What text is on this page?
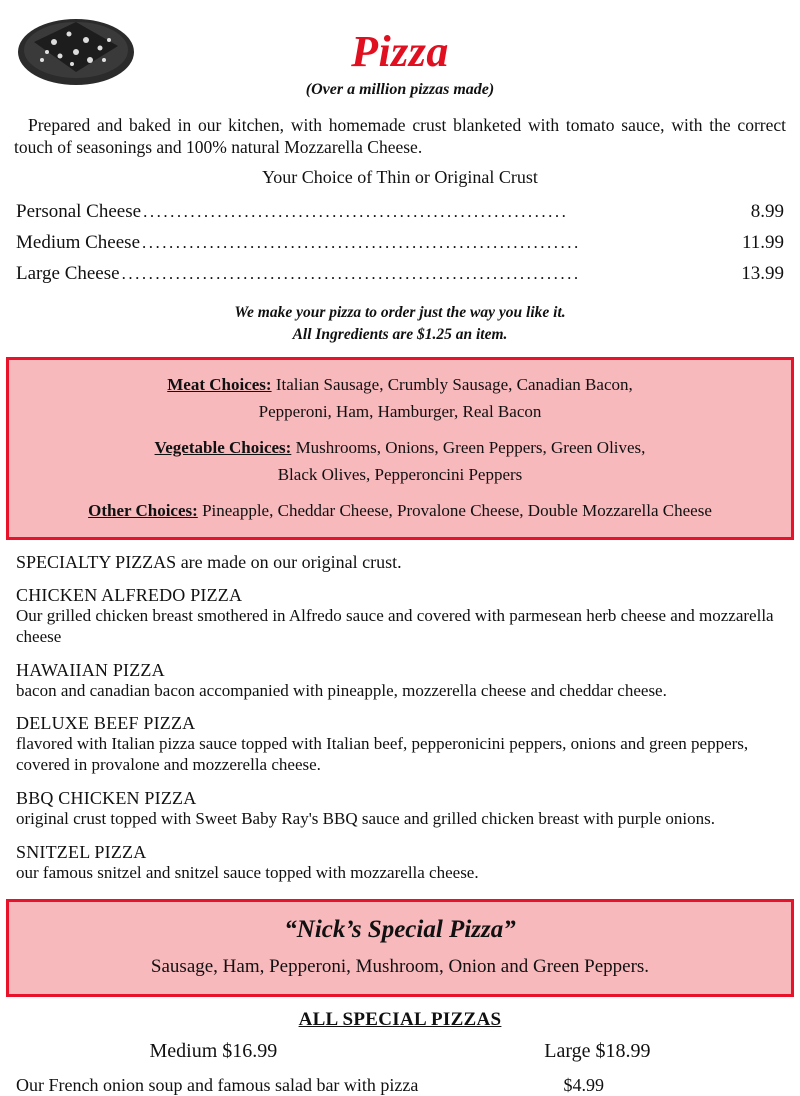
Pizza
(Over a million pizzas made)
Prepared and baked in our kitchen, with homemade crust blanketed with tomato sauce, with the correct touch of seasonings and 100% natural Mozzarella Cheese.
Your Choice of Thin or Original Crust
Personal Cheese ...............................................................	8.99
Medium Cheese .................................................................	11.99
Large Cheese ....................................................................	13.99
We make your pizza to order just the way you like it.
All Ingredients are $1.25 an item.

Meat Choices: Italian Sausage, Crumbly Sausage, Canadian Bacon,

Pepperoni, Ham, Hamburger, Real Bacon

Vegetable Choices: Mushrooms, Onions, Green Peppers, Green Olives,

Black Olives, Pepperoncini Peppers

Other Choices: Pineapple, Cheddar Cheese, Provalone Cheese, Double Mozzarella Cheese

SPECIALTY PIZZAS are made on our original crust.
CHICKEN ALFREDO PIZZA
Our grilled chicken breast smothered in Alfredo sauce and covered with parmesean herb cheese and mozzarella cheese
HAWAIIAN PIZZA
bacon and canadian bacon accompanied with pineapple, mozzerella cheese and cheddar cheese.
DELUXE BEEF PIZZA
flavored with Italian pizza sauce topped with Italian beef, pepperonicini peppers, onions and green peppers, covered in provalone and mozzerella cheese.
BBQ CHICKEN PIZZA
original crust topped with Sweet Baby Ray's BBQ sauce and grilled chicken breast with purple onions.
SNITZEL PIZZA
our famous snitzel and snitzel sauce topped with mozzarella cheese.
“Nick’s Special Pizza”
Sausage, Ham, Pepperoni, Mushroom, Onion and Green Peppers.
ALL SPECIAL PIZZAS
Medium $16.99	Large $18.99
Our French onion soup and famous salad bar with pizza	$4.99
